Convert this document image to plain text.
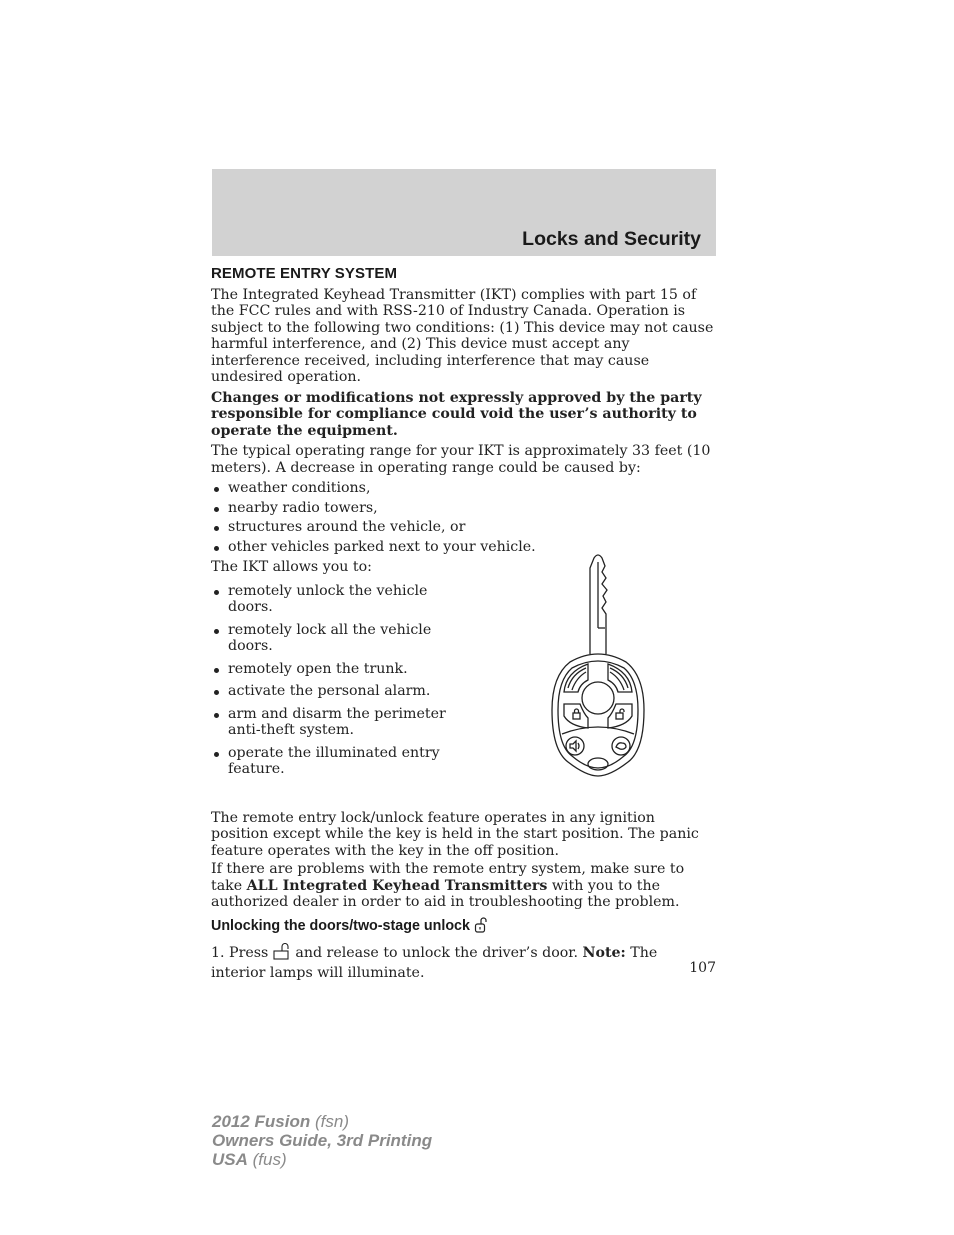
Locks and Security
REMOTE ENTRY SYSTEM

The Integrated Keyhead Transmitter (IKT) complies with part 15 of the FCC rules and with RSS-210 of Industry Canada. Operation is subject to the following two conditions: (1) This device may not cause harmful interference, and (2) This device must accept any interference received, including interference that may cause undesired operation.

Changes or modifications not expressly approved by the party responsible for compliance could void the user’s authority to operate the equipment.

The typical operating range for your IKT is approximately 33 feet (10 meters). A decrease in operating range could be caused by:

weather conditions,
nearby radio towers,
structures around the vehicle, or
other vehicles parked next to your vehicle.

The IKT allows you to:

remotely unlock the vehicle doors.
remotely lock all the vehicle doors.
remotely open the trunk.
activate the personal alarm.
arm and disarm the perimeter anti-theft system.
operate the illuminated entry feature.

The remote entry lock/unlock feature operates in any ignition position except while the key is held in the start position. The panic feature operates with the key in the off position.

If there are problems with the remote entry system, make sure to take ALL Integrated Keyhead Transmitters with you to the authorized dealer in order to aid in troubleshooting the problem.

Unlocking the doors/two-stage unlock

1. Press  and release to unlock the driver’s door. Note: The interior lamps will illuminate.	107
2012 Fusion (fsn)
Owners Guide, 3rd Printing
USA (fus)
